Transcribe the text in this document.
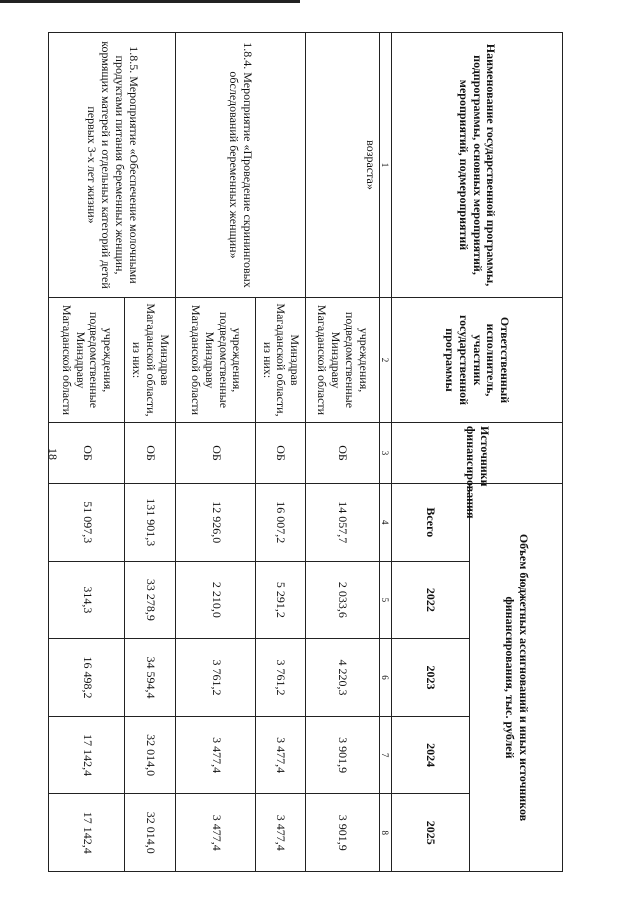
18
Наименование государственной программы, подпрограммы, основных мероприятий, мероприятий, подмероприятий	Ответственный исполнитель, участник государственной программы	Источники финансирования	Объем бюджетных ассигнований и иных источников финансирования, тыс. рублей				
			Всего	2022	2023	2024	2025
1	2	3	4	5	6	7	8
возраста»	учреждения, подведомственные Минздраву Магаданской области	ОБ	14 057,7	2 033,6	4 220,3	3 901,9	3 901,9
1.8.4. Мероприятие «Проведение скрининговых обследований беременных женщин»	Минздрав Магаданской области, из них:	ОБ	16 007,2	5 291,2	3 761,2	3 477,4	3 477,4
	учреждения, подведомственные Минздраву Магаданской области	ОБ	12 926,0	2 210,0	3 761,2	3 477,4	3 477,4
1.8.5. Мероприятие «Обеспечение молочными продуктами питания беременных женщин, кормящих матерей и отдельных категорий детей первых 3-х лет жизни»	Минздрав Магаданской области, из них:	ОБ	131 901,3	33 278,9	34 594,4	32 014,0	32 014,0
	учреждения, подведомственные Минздраву Магаданской области	ОБ	51 097,3	314,3	16 498,2	17 142,4	17 142,4
